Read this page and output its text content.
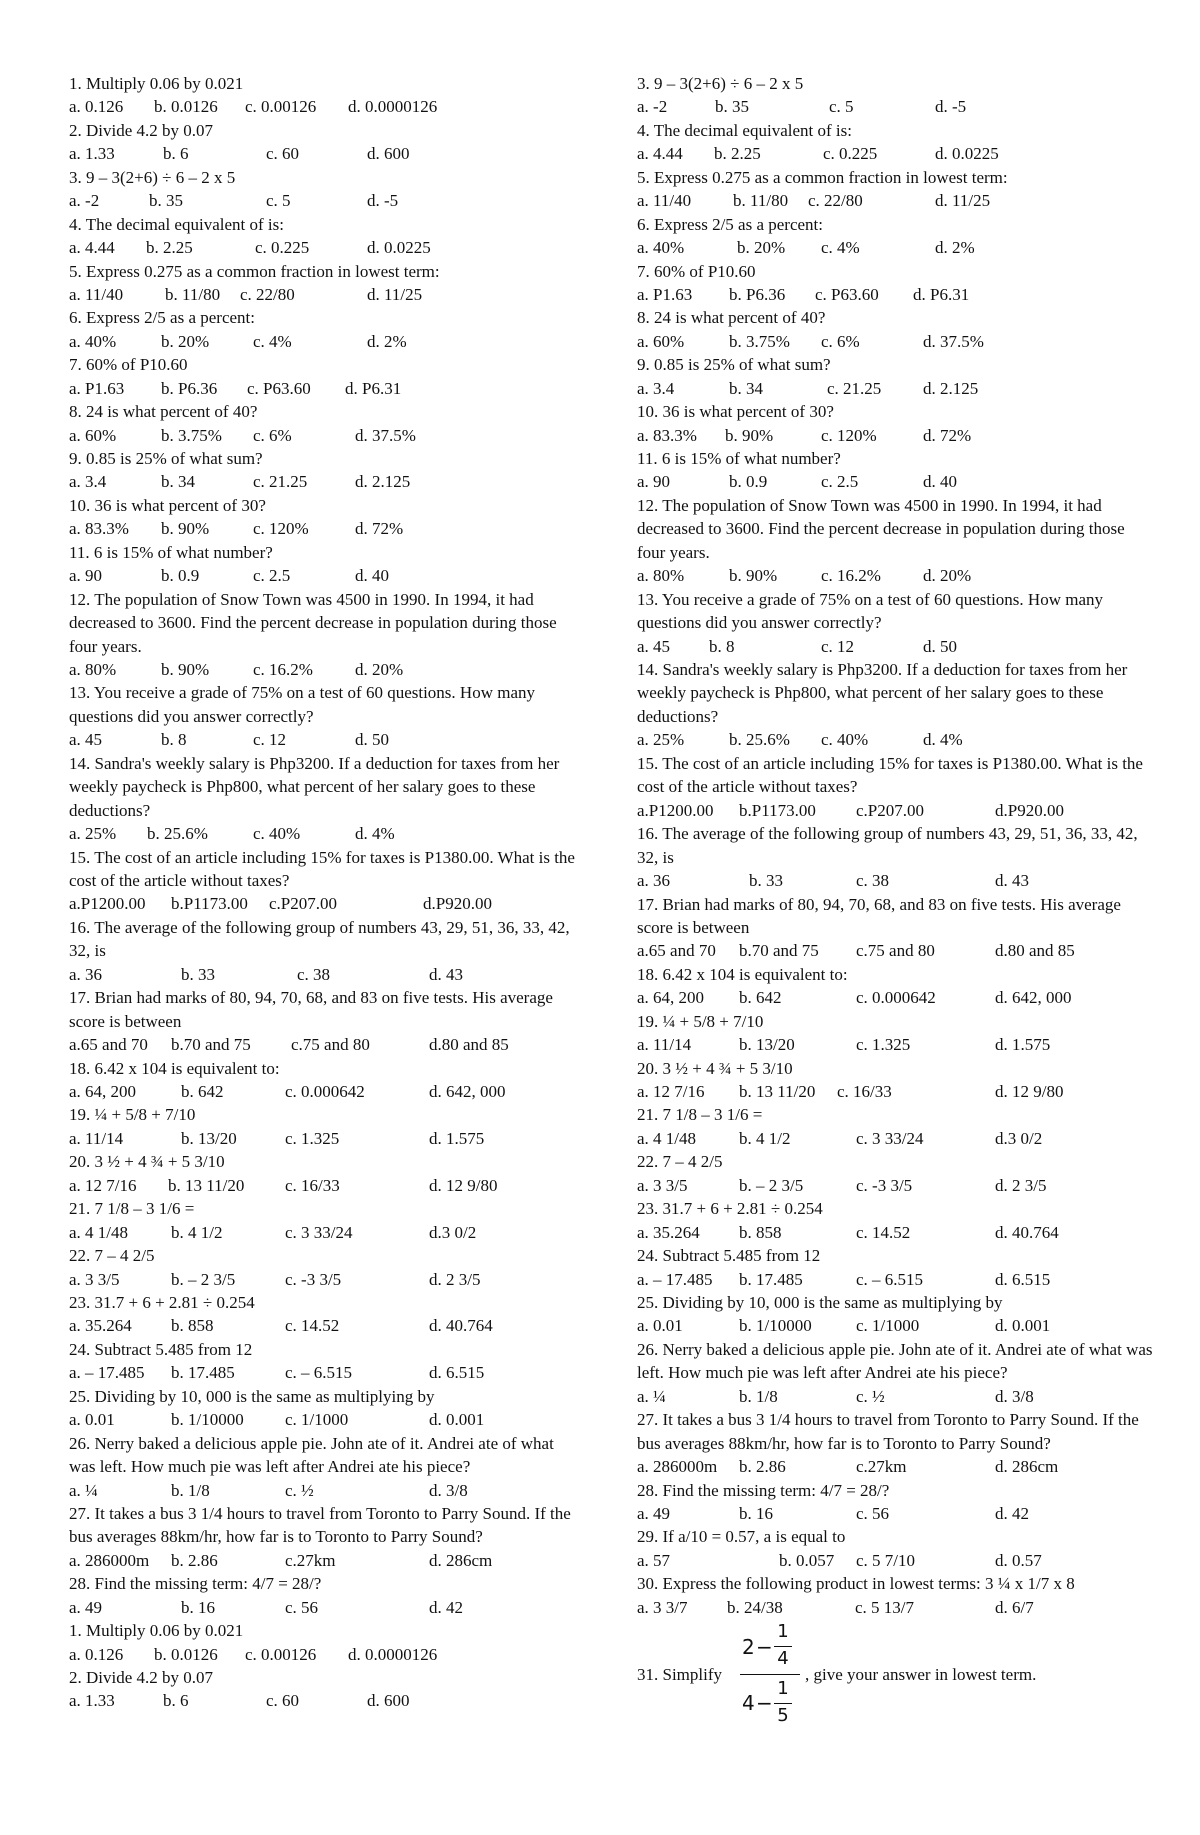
1. Multiply 0.06 by 0.021
a. 0.126 b. 0.0126 c. 0.00126 d. 0.0000126
2. Divide 4.2 by 0.07
a. 1.33	b. 6	c. 60	d. 600
3. 9 – 3(2+6) ÷ 6 – 2 x 5
a. -2	b. 35	c. 5	d. -5
4. The decimal equivalent of is:
a. 4.44 b. 2.25	c. 0.225	d. 0.0225
5. Express 0.275 as a common fraction in lowest term:
a. 11/40 b. 11/80 c. 22/80	d. 11/25
6. Express 2/5 as a percent:
a. 40%	b. 20%	c. 4%	d. 2%
7. 60% of P10.60
a. P1.63 b. P6.36 c. P63.60 d. P6.31
8. 24 is what percent of 40?
a. 60%	b. 3.75% c. 6%	d. 37.5%
9. 0.85 is 25% of what sum?
a. 3.4	b. 34	c. 21.25	d. 2.125
10. 36 is what percent of 30?
a. 83.3% b. 90%	c. 120%	d. 72%
11. 6 is 15% of what number?
a. 90	b. 0.9	c. 2.5	d. 40
12. The population of Snow Town was 4500 in 1990. In 1994, it had decreased to 3600. Find the percent decrease in population during those four years.
a. 80%	b. 90%	c. 16.2% d. 20%
13. You receive a grade of 75% on a test of 60 questions. How many questions did you answer correctly?
a. 45	b. 8	c. 12	d. 50
14. Sandra's weekly salary is Php3200. If a deduction for taxes from her weekly paycheck is Php800, what percent of her salary goes to these deductions?
a. 25% b. 25.6%	c. 40%	d. 4%
15. The cost of an article including 15% for taxes is P1380.00. What is the cost of the article without taxes?
a.P1200.00 b.P1173.00 c.P207.00	d.P920.00
16. The average of the following group of numbers 43, 29, 51, 36, 33, 42, 32, is
a. 36	b. 33	c. 38	d. 43
17. Brian had marks of 80, 94, 70, 68, and 83 on five tests. His average score is between
a.65 and 70 b.70 and 75 c.75 and 80	d.80 and 85
18. 6.42 x 104 is equivalent to:
a. 64, 200	b. 642	c. 0.000642	d. 642, 000
19. ¼ + 5/8 + 7/10
a. 11/14	b. 13/20	c. 1.325	d. 1.575
20. 3 ½ + 4 ¾ + 5 3/10
a. 12 7/16 b. 13 11/20 c. 16/33	d. 12 9/80
21. 7 1/8 – 3 1/6 =
a. 4 1/48	b. 4 1/2	c. 3 33/24	d.3 0/2
22. 7 – 4 2/5
a. 3 3/5	b. – 2 3/5	c. -3 3/5	d. 2 3/5
23. 31.7 + 6 + 2.81 ÷ 0.254
a. 35.264 b. 858	c. 14.52	d. 40.764
24. Subtract 5.485 from 12
a. – 17.485 b. 17.485	c. – 6.515	d. 6.515
25. Dividing by 10, 000 is the same as multiplying by
a. 0.01	b. 1/10000 c. 1/1000	d. 0.001
26. Nerry baked a delicious apple pie. John ate of it. Andrei ate of what was left. How much pie was left after Andrei ate his piece?
a. ¼	b. 1/8	c. ½	d. 3/8
27. It takes a bus 3 1/4 hours to travel from Toronto to Parry Sound. If the bus averages 88km/hr, how far is to Toronto to Parry Sound?
a. 286000m b. 2.86	c.27km	d. 286cm
28. Find the missing term: 4/7 = 28/?
a. 49	b. 16	c. 56	d. 42
1. Multiply 0.06 by 0.021
a. 0.126 b. 0.0126 c. 0.00126 d. 0.0000126
2. Divide 4.2 by 0.07
a. 1.33	b. 6	c. 60	d. 600
3. 9 – 3(2+6) ÷ 6 – 2 x 5
a. -2	b. 35	c. 5	d. -5
4. The decimal equivalent of is:
a. 4.44 b. 2.25	c. 0.225	d. 0.0225
5. Express 0.275 as a common fraction in lowest term:
a. 11/40 b. 11/80 c. 22/80	d. 11/25
6. Express 2/5 as a percent:
a. 40%	b. 20% c. 4%	d. 2%
7. 60% of P10.60
a. P1.63 b. P6.36 c. P63.60 d. P6.31
8. 24 is what percent of 40?
a. 60%	b. 3.75% c. 6%	d. 37.5%
9. 0.85 is 25% of what sum?
a. 3.4	b. 34	c. 21.25 d. 2.125
10. 36 is what percent of 30?
a. 83.3% b. 90%	c. 120%	d. 72%
11. 6 is 15% of what number?
a. 90	b. 0.9	c. 2.5	d. 40
12. The population of Snow Town was 4500 in 1990. In 1994, it had decreased to 3600. Find the percent decrease in population during those four years.
a. 80%	b. 90%	c. 16.2% d. 20%
13. You receive a grade of 75% on a test of 60 questions. How many questions did you answer correctly?
a. 45 b. 8	c. 12	d. 50
14. Sandra's weekly salary is Php3200. If a deduction for taxes from her weekly paycheck is Php800, what percent of her salary goes to these deductions?
a. 25%	b. 25.6% c. 40%	d. 4%
15. The cost of an article including 15% for taxes is P1380.00. What is the cost of the article without taxes?
a.P1200.00 b.P1173.00 c.P207.00	d.P920.00
16. The average of the following group of numbers 43, 29, 51, 36, 33, 42, 32, is
a. 36	b. 33	c. 38	d. 43
17. Brian had marks of 80, 94, 70, 68, and 83 on five tests. His average score is between
a.65 and 70 b.70 and 75 c.75 and 80	d.80 and 85
18. 6.42 x 104 is equivalent to:
a. 64, 200 b. 642	c. 0.000642	d. 642, 000
19. ¼ + 5/8 + 7/10
a. 11/14	b. 13/20	c. 1.325	d. 1.575
20. 3 ½ + 4 ¾ + 5 3/10
a. 12 7/16 b. 13 11/20 c. 16/33	d. 12 9/80
21. 7 1/8 – 3 1/6 =
a. 4 1/48	b. 4 1/2	c. 3 33/24	d.3 0/2
22. 7 – 4 2/5
a. 3 3/5	b. – 2 3/5	c. -3 3/5	d. 2 3/5
23. 31.7 + 6 + 2.81 ÷ 0.254
a. 35.264 b. 858	c. 14.52	d. 40.764
24. Subtract 5.485 from 12
a. – 17.485 b. 17.485	c. – 6.515	d. 6.515
25. Dividing by 10, 000 is the same as multiplying by
a. 0.01	b. 1/10000	c. 1/1000	d. 0.001
26. Nerry baked a delicious apple pie. John ate of it. Andrei ate of what was left. How much pie was left after Andrei ate his piece?
a. ¼	b. 1/8	c. ½	d. 3/8
27. It takes a bus 3 1/4 hours to travel from Toronto to Parry Sound. If the bus averages 88km/hr, how far is to Toronto to Parry Sound?
a. 286000m b. 2.86	c.27km	d. 286cm
28. Find the missing term: 4/7 = 28/?
a. 49	b. 16	c. 56	d. 42
29. If a/10 = 0.57, a is equal to
a. 57	b. 0.057 c. 5 7/10	d. 0.57
30. Express the following product in lowest terms: 3 ¼ x 1/7 x 8
a. 3 3/7 b. 24/38	c. 5 13/7	d. 6/7
31. Simplify
2 −
1
4
4 −
1
5
, give your answer in lowest term.
